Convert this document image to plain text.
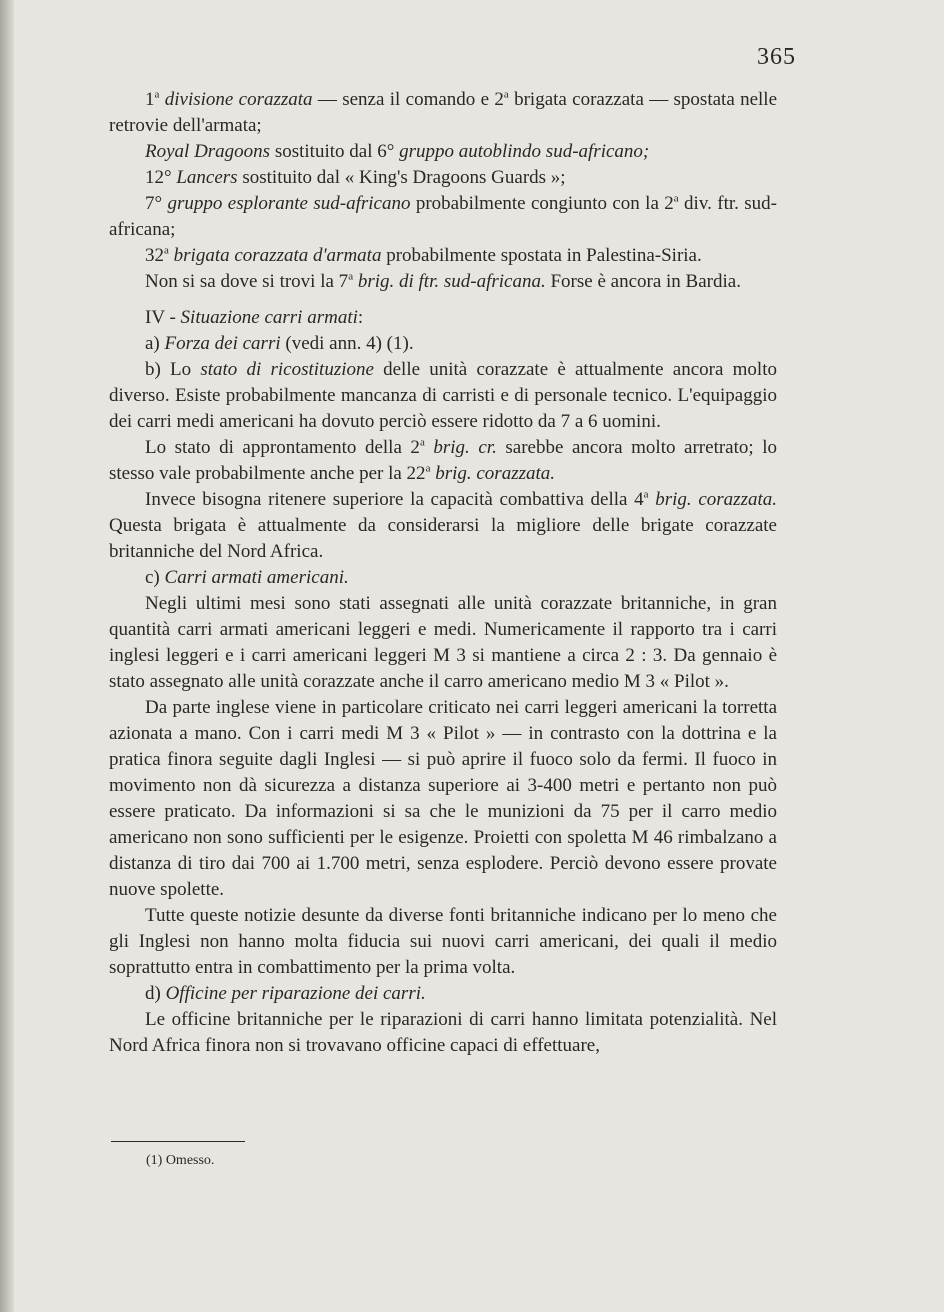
365

1$^a$ divisione corazzata — senza il comando e 2$^a$ brigata corazzata — spostata nelle retrovie dell'armata;

Royal Dragoons sostituito dal 6° gruppo autoblindo sud-africano;

12° Lancers sostituito dal « King's Dragoons Guards »;

7° gruppo esplorante sud-africano probabilmente congiunto con la 2$^a$ div. ftr. sud-africana;

32$^a$ brigata corazzata d'armata probabilmente spostata in Palestina-Siria.

Non si sa dove si trovi la 7$^a$ brig. di ftr. sud-africana. Forse è ancora in Bardia.

IV - Situazione carri armati:

a) Forza dei carri (vedi ann. 4) (1).

b) Lo stato di ricostituzione delle unità corazzate è attualmente ancora molto diverso. Esiste probabilmente mancanza di carristi e di personale tecnico. L'equipaggio dei carri medi americani ha dovuto perciò essere ridotto da 7 a 6 uomini.

Lo stato di approntamento della 2$^a$ brig. cr. sarebbe ancora molto arretrato; lo stesso vale probabilmente anche per la 22$^a$ brig. corazzata.

Invece bisogna ritenere superiore la capacità combattiva della 4$^a$ brig. corazzata. Questa brigata è attualmente da considerarsi la migliore delle brigate corazzate britanniche del Nord Africa.

c) Carri armati americani.

Negli ultimi mesi sono stati assegnati alle unità corazzate britanniche, in gran quantità carri armati americani leggeri e medi. Numericamente il rapporto tra i carri inglesi leggeri e i carri americani leggeri M 3 si mantiene a circa 2 : 3. Da gennaio è stato assegnato alle unità corazzate anche il carro americano medio M 3 « Pilot ».

Da parte inglese viene in particolare criticato nei carri leggeri americani la torretta azionata a mano. Con i carri medi M 3 « Pilot » — in contrasto con la dottrina e la pratica finora seguite dagli Inglesi — si può aprire il fuoco solo da fermi. Il fuoco in movimento non dà sicurezza a distanza superiore ai 3-400 metri e pertanto non può essere praticato. Da informazioni si sa che le munizioni da 75 per il carro medio americano non sono sufficienti per le esigenze. Proietti con spoletta M 46 rimbalzano a distanza di tiro dai 700 ai 1.700 metri, senza esplodere. Perciò devono essere provate nuove spolette.

Tutte queste notizie desunte da diverse fonti britanniche indicano per lo meno che gli Inglesi non hanno molta fiducia sui nuovi carri americani, dei quali il medio soprattutto entra in combattimento per la prima volta.

d) Officine per riparazione dei carri.

Le officine britanniche per le riparazioni di carri hanno limitata potenzialità. Nel Nord Africa finora non si trovavano officine capaci di effettuare,

(1) Omesso.
